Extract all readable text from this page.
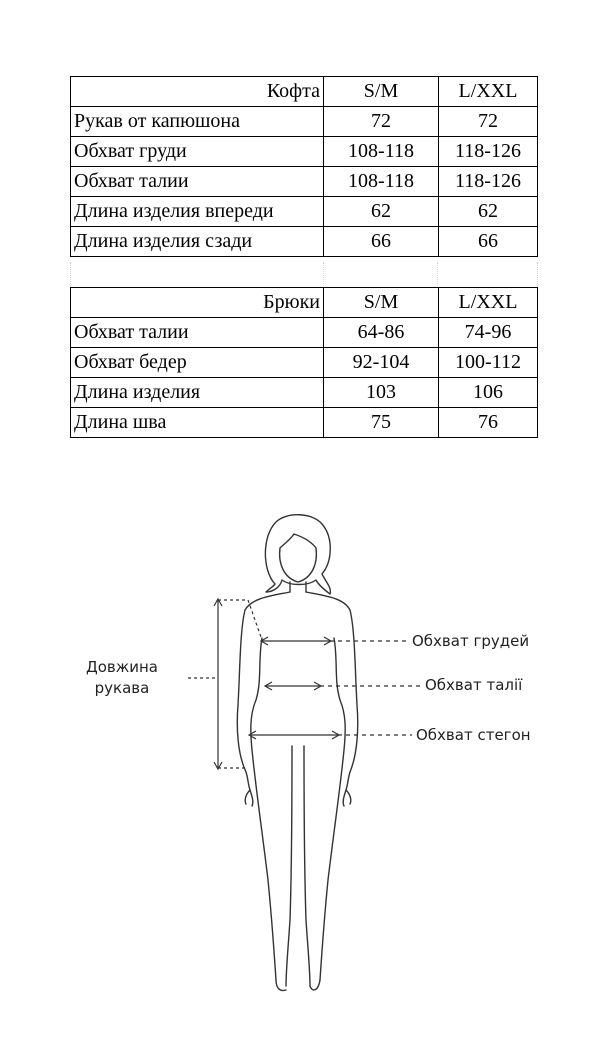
Кофта	S/M	L/XXL
Рукав от капюшона	72	72
Обхват груди	108-118	118-126
Обхват талии	108-118	118-126
Длина изделия впереди	62	62
Длина изделия сзади	66	66
Брюки	S/M	L/XXL
Обхват талии	64-86	74-96
Обхват бедер	92-104	100-112
Длина изделия	103	106
Длина шва	75	76
Довжина
рукава
Обхват грудей
Обхват талії
Обхват стегон
